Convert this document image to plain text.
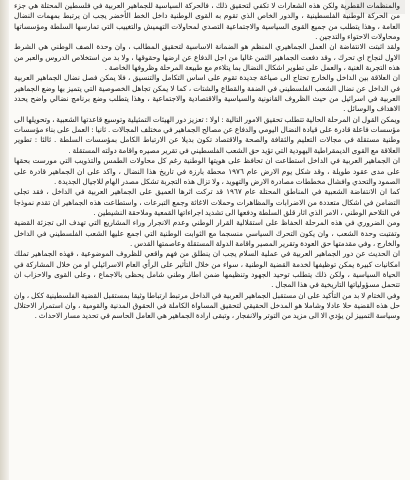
والمنظمات القطرية ولكن هذه الشعارات لا تكفي لتحقيق ذلك ، فالحركة السياسية للجماهير العربية في فلسطين المحتلة هي جزء من الحركة الوطنية الفلسطينية ، والدور الخاص الذي تقوم به القوى الوطنية داخل الخط الأخضر يجب ان يرتبط بمهمات النضال العامة ، وهذا يتطلب من جميع القوى السياسية والاجتماعية التصدي لمحاولات التهميش والتغييب التي تمارسها السلطة ومؤسساتها ومحاولات الاحتواء والتدجين .

ولقد اثبتت الانتفاضة ان العمل الجماهيري المنظم هو الضمانة الاساسية لتحقيق المطالب ، وان وحدة الصف الوطني هي الشرط الاول لنجاح اي تحرك ، وقد دفعت الجماهير الثمن غاليا من اجل الدفاع عن ارضها وحقوقها ، ولا بد من استخلاص الدروس والعبر من هذه التجربة الغنية ، والعمل على تطوير اشكال النضال بما يتلاءم مع طبيعة المرحلة وظروفها الخاصة .

ان العلاقة بين الداخل والخارج تحتاج الى صياغة جديدة تقوم على اساس التكامل والتنسيق ، فلا يمكن فصل نضال الجماهير العربية في الداخل عن نضال الشعب الفلسطيني في الضفة والقطاع والشتات ، كما لا يمكن تجاهل الخصوصية التي يتميز بها وضع الجماهير العربية في اسرائيل من حيث الظروف القانونية والسياسية والاقتصادية والاجتماعية ، وهذا يتطلب وضع برنامج نضالي واضح يحدد الاهداف والوسائل .

ويمكن القول ان المرحلة الحالية تتطلب تحقيق الامور التالية : اولا : تعزيز دور الهيئات التمثيلية وتوسيع قاعدتها الشعبية ، وتحويلها الى مؤسسات فاعلة قادرة على قيادة النضال اليومي والدفاع عن مصالح الجماهير في مختلف المجالات . ثانيا : العمل على بناء مؤسسات وطنية مستقلة في مجالات التعليم والثقافة والصحة والاقتصاد تكون بديلا عن الارتباط الكامل بمؤسسات السلطة . ثالثا : تطوير العلاقة مع القوى الديمقراطية اليهودية التي تؤيد حق الشعب الفلسطيني في تقرير مصيره واقامة دولته المستقلة .

ان الجماهير العربية في الداخل استطاعت ان تحافظ على هويتها الوطنية رغم كل محاولات الطمس والتذويب التي مورست بحقها على مدى عقود طويلة ، وقد شكل يوم الارض عام ١٩٧٦ محطة بارزة في تاريخ هذا النضال ، واكد على ان الجماهير قادرة على الصمود والتحدي وافشال مخططات مصادرة الارض والتهويد ، ولا تزال هذه التجربة تشكل مصدر الهام للاجيال الجديدة .

كما ان الانتفاضة الشعبية في المناطق المحتلة عام ١٩٦٧ قد تركت اثرها العميق على الجماهير العربية في الداخل ، فقد تجلى التضامن في اشكال متعددة من الاضرابات والمظاهرات وحملات الاغاثة وجمع التبرعات ، واستطاعت هذه الجماهير ان تقدم نموذجا في التلاحم الوطني ، الامر الذي اثار قلق السلطة ودفعها الى تشديد اجراءاتها القمعية وملاحقة النشيطين .

ومن الضروري في هذه المرحلة الحفاظ على استقلالية القرار الوطني وعدم الانجرار وراء المشاريع التي تهدف الى تجزئة القضية وتفتيت وحدة الشعب ، وان يكون التحرك السياسي منسجما مع الثوابت الوطنية التي اجمع عليها الشعب الفلسطيني في الداخل والخارج ، وفي مقدمتها حق العودة وتقرير المصير واقامة الدولة المستقلة وعاصمتها القدس .

ان الحديث عن دور الجماهير العربية في عملية السلام يجب ان ينطلق من فهم واقعي للظروف الموضوعية ، فهذه الجماهير تملك امكانيات كبيرة يمكن توظيفها لخدمة القضية الوطنية ، سواء من خلال التأثير على الرأي العام الاسرائيلي او من خلال المشاركة في الحياة السياسية ، ولكن ذلك يتطلب توحيد الجهود وتنظيمها ضمن اطار وطني شامل يحظى بالاجماع ، وعلى القوى والاحزاب ان تتحمل مسؤولياتها التاريخية في هذا المجال .

وفي الختام لا بد من التأكيد على ان مستقبل الجماهير العربية في الداخل مرتبط ارتباطا وثيقا بمستقبل القضية الفلسطينية ككل ، وان حل هذه القضية حلا عادلا وشاملا هو المدخل الحقيقي لتحقيق المساواة الكاملة في الحقوق المدنية والقومية ، وان استمرار الاحتلال وسياسة التمييز لن يؤدي الا الى مزيد من التوتر والانفجار ، وتبقى ارادة الجماهير هي العامل الحاسم في تحديد مسار الاحداث .
